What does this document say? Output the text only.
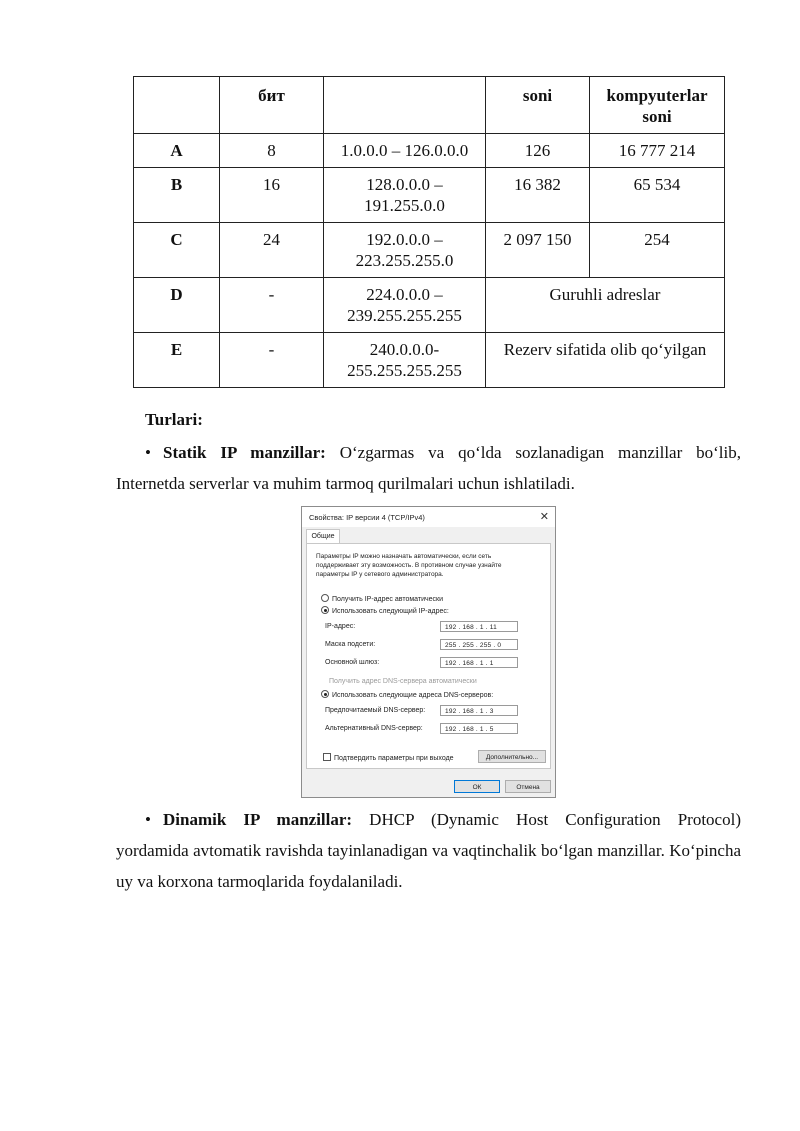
	бит		soni	kompyuterlar soni
A	8	1.0.0.0 – 126.0.0.0	126	16 777 214
B	16	128.0.0.0 – 191.255.0.0	16 382	65 534
C	24	192.0.0.0 – 223.255.255.0	2 097 150	254
D	-	224.0.0.0 – 239.255.255.255	Guruhli adreslar	
E	-	240.0.0.0-255.255.255.255	Rezerv sifatida olib qo‘yilgan	
Turlari:
• Statik IP manzillar: O‘zgarmas va qo‘lda sozlanadigan manzillar bo‘lib,
Internetda serverlar va muhim tarmoq qurilmalari uchun ishlatiladi.
Свойства: IP версии 4 (TCP/IPv4)	✕
Общие
Параметры IP можно назначать автоматически, если сеть поддерживает эту возможность. В противном случае узнайте параметры IP у сетевого администратора.
Получить IP-адрес автоматически
Использовать следующий IP-адрес:
IP-адрес:	192 . 168 . 1 . 11
Маска подсети:	255 . 255 . 255 . 0
Основной шлюз:	192 . 168 . 1 . 1
Получить адрес DNS-сервера автоматически
Использовать следующие адреса DNS-серверов:
Предпочитаемый DNS-сервер:	192 . 168 . 1 . 3
Альтернативный DNS-сервер:	192 . 168 . 1 . 5
Подтвердить параметры при выходе	Дополнительно...
ОК	Отмена
• Dinamik IP manzillar: DHCP (Dynamic Host Configuration Protocol)
yordamida avtomatik ravishda tayinlanadigan va vaqtinchalik bo‘lgan manzillar. Ko‘pincha uy va korxona tarmoqlarida foydalaniladi.
